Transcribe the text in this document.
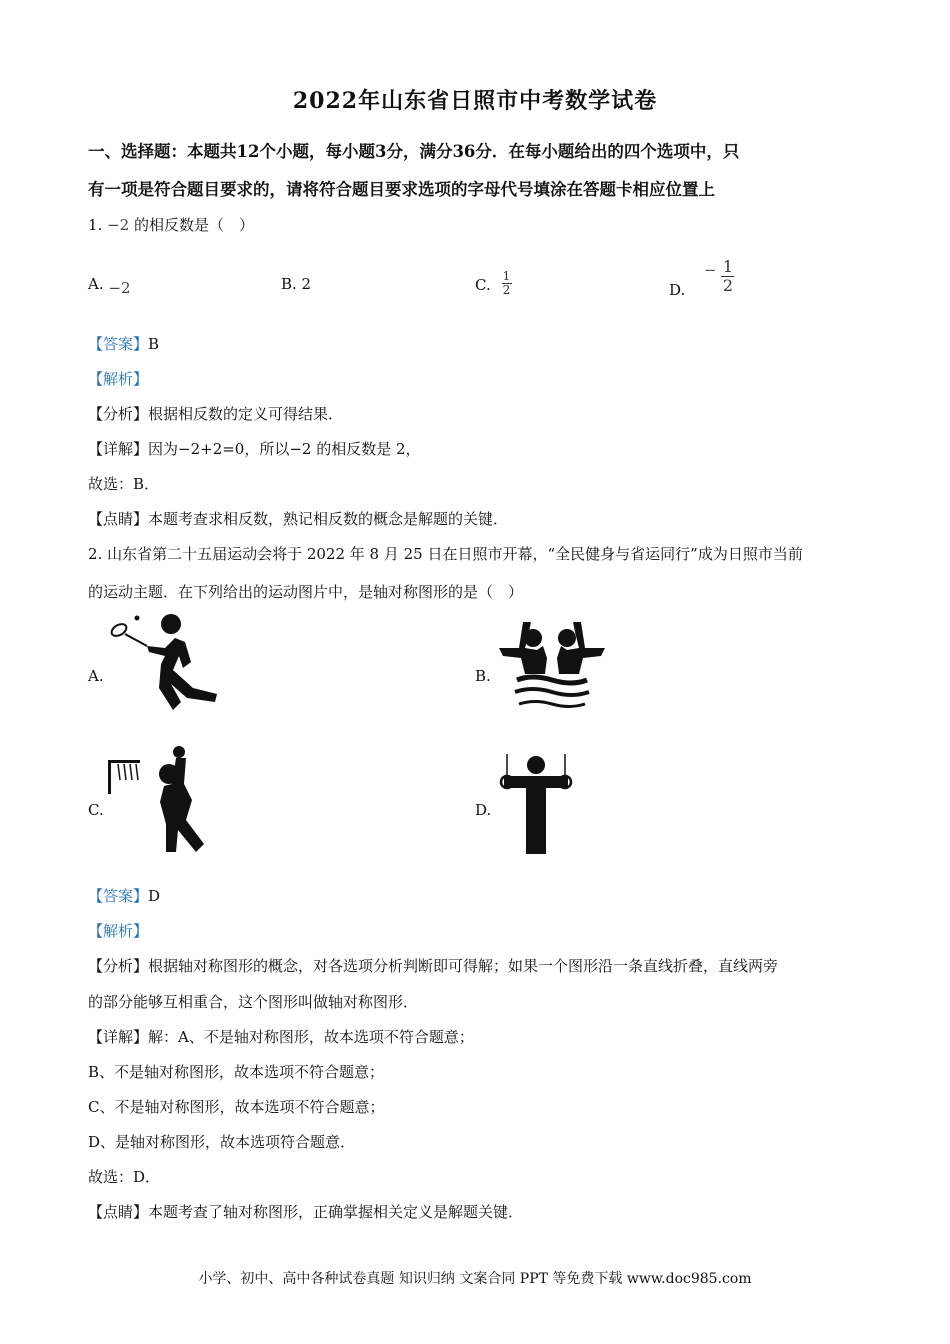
2022年山东省日照市中考数学试卷
一、选择题：本题共12个小题，每小题3分，满分36分．在每小题给出的四个选项中，只
有一项是符合题目要求的，请将符合题目要求选项的字母代号填涂在答题卡相应位置上
1. −2 的相反数是（　）
A. −2	B. 2	C. $\frac{1}{2}$	D. − $\frac{1}{2}$
【答案】B
【解析】
【分析】根据相反数的定义可得结果．
【详解】因为−2+2=0，所以−2 的相反数是 2，
故选：B．
【点睛】本题考查求相反数，熟记相反数的概念是解题的关键．
2. 山东省第二十五届运动会将于 2022 年 8 月 25 日在日照市开幕，“全民健身与省运同行”成为日照市当前
的运动主题．在下列给出的运动图片中，是轴对称图形的是（　）
A.	B.
C.	D.
【答案】D
【解析】
【分析】根据轴对称图形的概念，对各选项分析判断即可得解；如果一个图形沿一条直线折叠，直线两旁
的部分能够互相重合，这个图形叫做轴对称图形．
【详解】解：A、不是轴对称图形，故本选项不符合题意；
B、不是轴对称图形，故本选项不符合题意；
C、不是轴对称图形，故本选项不符合题意；
D、是轴对称图形，故本选项符合题意．
故选：D．
【点睛】本题考查了轴对称图形，正确掌握相关定义是解题关键．
小学、初中、高中各种试卷真题 知识归纳 文案合同 PPT 等免费下载 www.doc985.com
